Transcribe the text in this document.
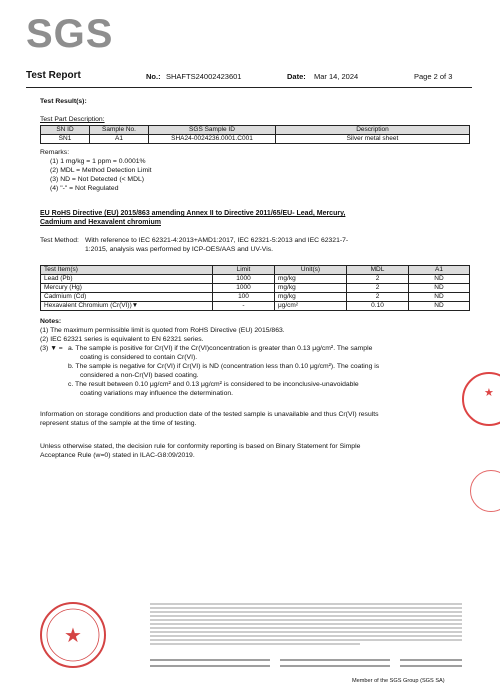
SGS
Test Report	No.: SHAFTS24002423601	Date: Mar 14, 2024	Page 2 of 3
Test Result(s):
Test Part Description:
SN ID	Sample No.	SGS Sample ID	Description
SN1	A1	SHA24-0024236.0001.C001	Silver metal sheet
Remarks:
(1) 1 mg/kg = 1 ppm = 0.0001%
(2) MDL = Method Detection Limit
(3) ND = Not Detected (< MDL)
(4) "-" = Not Regulated
EU RoHS Directive (EU) 2015/863 amending Annex II to Directive 2011/65/EU- Lead, Mercury,
Cadmium and Hexavalent chromium
Test Method: With reference to IEC 62321-4:2013+AMD1:2017, IEC 62321-5:2013 and IEC 62321-7-
1:2015, analysis was performed by ICP-OES/AAS and UV-Vis.
Test Item(s)	Limit	Unit(s)	MDL	A1
Lead (Pb)	1000	mg/kg	2	ND
Mercury (Hg)	1000	mg/kg	2	ND
Cadmium (Cd)	100	mg/kg	2	ND
Hexavalent Chromium (Cr(VI))▼	-	μg/cm²	0.10	ND
Notes:
(1) The maximum permissible limit is quoted from RoHS Directive (EU) 2015/863.
(2) IEC 62321 series is equivalent to EN 62321 series.
(3) ▼ = a. The sample is positive for Cr(VI) if the Cr(VI)concentration is greater than 0.13 μg/cm². The sample
coating is considered to contain Cr(VI).
b. The sample is negative for Cr(VI) if Cr(VI) is ND (concentration less than 0.10 μg/cm²). The coating is
considered a non-Cr(VI) based coating.
c. The result between 0.10 μg/cm² and 0.13 μg/cm² is considered to be inconclusive-unavoidable
coating variations may influence the determination.
Information on storage conditions and production date of the tested sample is unavailable and thus Cr(VI) results
represent status of the sample at the time of testing.
Unless otherwise stated, the decision rule for conformity reporting is based on Binary Statement for Simple
Acceptance Rule (w=0) stated in ILAC-G8:09/2019.
★
★
Member of the SGS Group (SGS SA)
